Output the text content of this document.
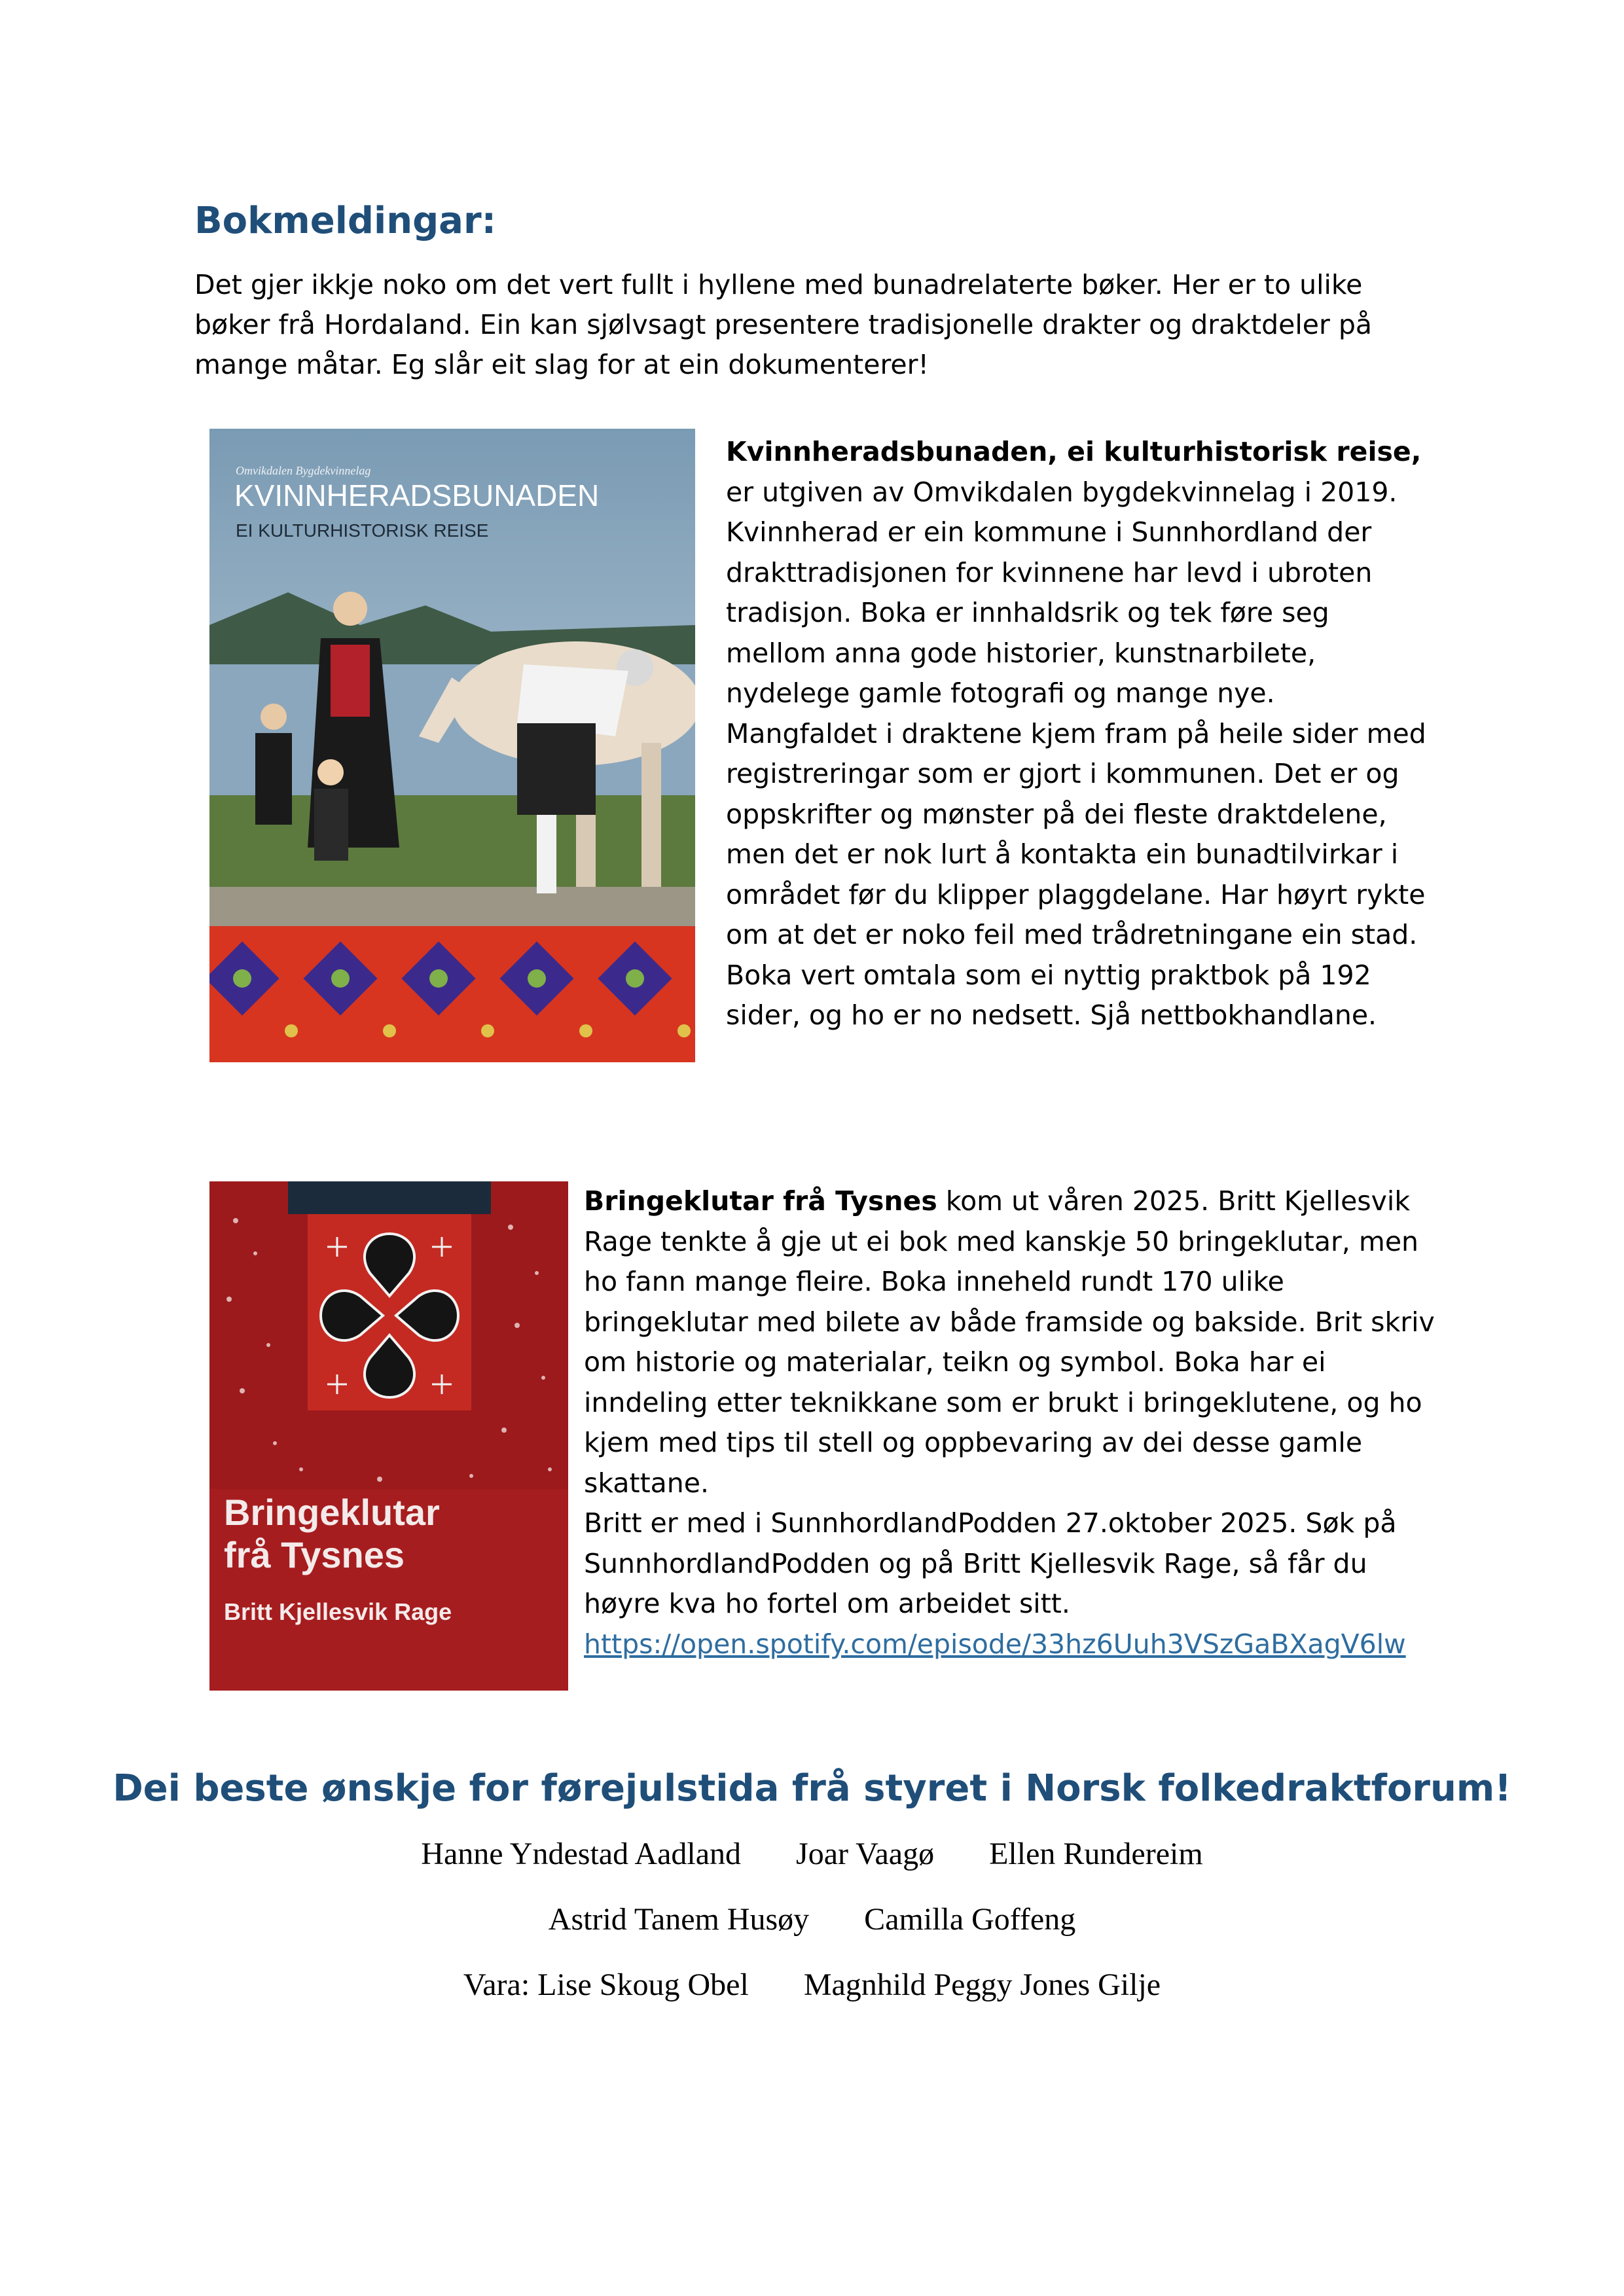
Bokmeldingar:

Det gjer ikkje noko om det vert fullt i hyllene med bunadrelaterte bøker. Her er to ulike bøker frå Hordaland. Ein kan sjølvsagt presentere tradisjonelle drakter og draktdeler på mange måtar. Eg slår eit slag for at ein dokumenterer!

Omvikdalen Bygdekvinnelag
KVINNHERADSBUNADEN
EI KULTURHISTORISK REISE

Kvinnheradsbunaden, ei kulturhistorisk reise,
er utgiven av Omvikdalen bygdekvinnelag i 2019. Kvinnherad er ein kommune i Sunnhordland der drakttradisjonen for kvinnene har levd i ubroten tradisjon. Boka er innhaldsrik og tek føre seg mellom anna gode historier, kunstnarbilete, nydelege gamle fotografi og mange nye. Mangfaldet i draktene kjem fram på heile sider med registreringar som er gjort i kommunen. Det er og oppskrifter og mønster på dei fleste draktdelene, men det er nok lurt å kontakta ein bunadtilvirkar i området før du klipper plaggdelane. Har høyrt rykte om at det er noko feil med trådretningane ein stad. Boka vert omtala som ei nyttig praktbok på 192 sider, og ho er no nedsett. Sjå nettbokhandlane.

Bringeklutar
frå Tysnes
Britt Kjellesvik Rage

Bringeklutar frå Tysnes kom ut våren 2025. Britt Kjellesvik Rage tenkte å gje ut ei bok med kanskje 50 bringeklutar, men ho fann mange fleire. Boka inneheld rundt 170 ulike bringeklutar med bilete av både framside og bakside. Brit skriv om historie og materialar, teikn og symbol. Boka har ei inndeling etter teknikkane som er brukt i bringeklutene, og ho kjem med tips til stell og oppbevaring av dei desse gamle skattane.

Britt er med i SunnhordlandPodden 27.oktober 2025. Søk på SunnhordlandPodden og på Britt Kjellesvik Rage, så får du høyre kva ho fortel om arbeidet sitt.

https://open.spotify.com/episode/33hz6Uuh3VSzGaBXagV6lw

Dei beste ønskje for førejulstida frå styret i Norsk folkedraktforum!

Hanne Yndestad Aadland Joar Vaagø Ellen Rundereim

Astrid Tanem Husøy Camilla Goffeng

Vara: Lise Skoug Obel Magnhild Peggy Jones Gilje
